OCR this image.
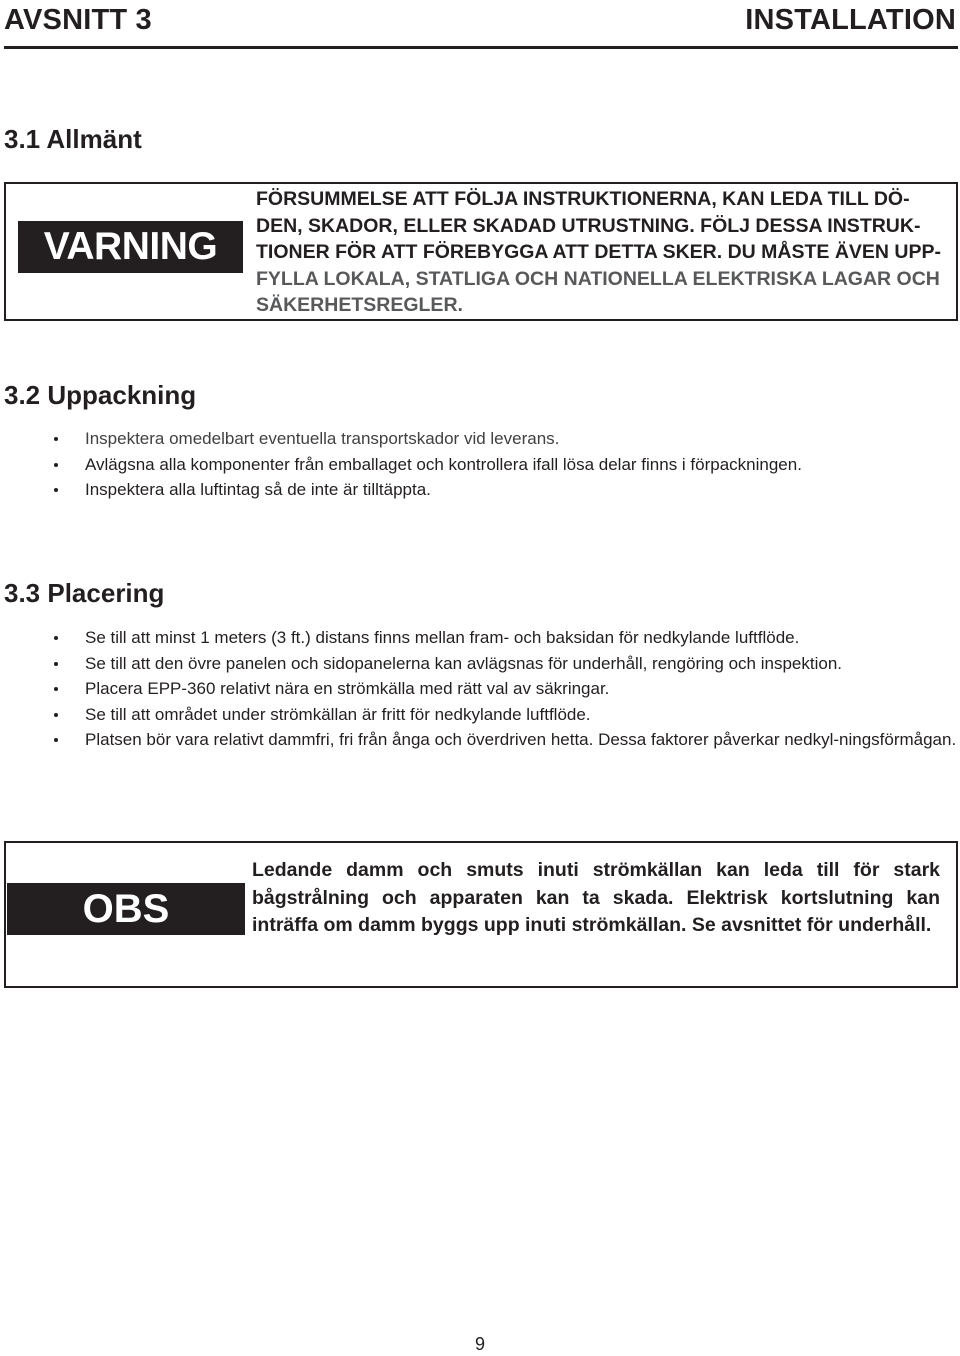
AVSNITT 3	INSTALLATION
3.1 Allmänt
VARNING
FÖRSUMMELSE ATT FÖLJA INSTRUKTIONERNA, KAN LEDA TILL DÖ-
DEN, SKADOR, ELLER SKADAD UTRUSTNING. FÖLJ DESSA INSTRUK-
TIONER FÖR ATT FÖREBYGGA ATT DETTA SKER. DU MÅSTE ÄVEN UPP-
FYLLA LOKALA, STATLIGA OCH NATIONELLA ELEKTRISKA LAGAR OCH
SÄKERHETSREGLER.
3.2 Uppackning
Inspektera omedelbart eventuella transportskador vid leverans.
Avlägsna alla komponenter från emballaget och kontrollera ifall lösa delar finns i förpackningen.
Inspektera alla luftintag så de inte är tilltäppta.
3.3 Placering
Se till att minst 1 meters (3 ft.) distans finns mellan fram- och baksidan för nedkylande luftflöde.
Se till att den övre panelen och sidopanelerna kan avlägsnas för underhåll, rengöring och inspektion.
Placera EPP-360 relativt nära en strömkälla med rätt val av säkringar.
Se till att området under strömkällan är fritt för nedkylande luftflöde.
Platsen bör vara relativt dammfri, fri från ånga och överdriven hetta. Dessa faktorer påverkar nedkyl-ningsförmågan.
OBS
Ledande damm och smuts inuti strömkällan kan leda till för stark bågstrålning och apparaten kan ta skada. Elektrisk kortslutning kan inträffa om damm byggs upp inuti strömkällan. Se avsnittet för underhåll.
9
